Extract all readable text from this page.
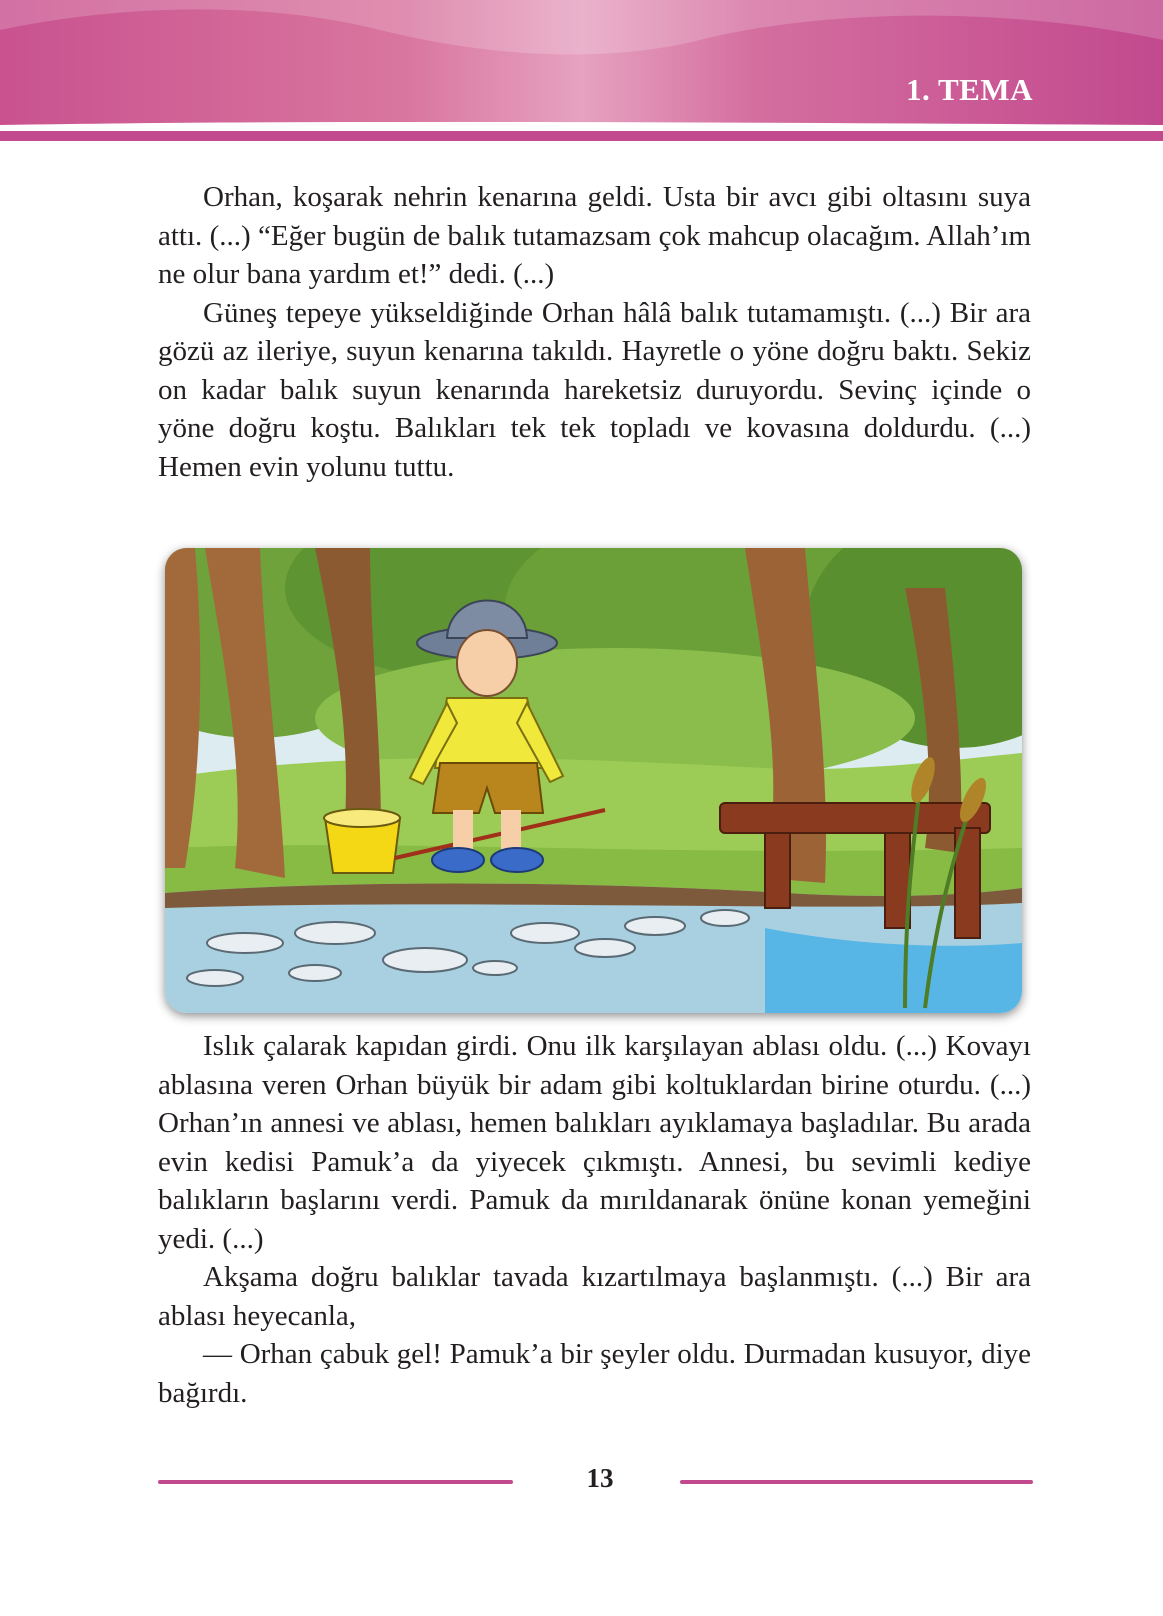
1. TEMA

Orhan, koşarak nehrin kenarına geldi. Usta bir avcı gibi oltasını suya attı. (...) “Eğer bugün de balık tutamazsam çok mahcup olacağım. Allah’ım ne olur bana yardım et!” dedi. (...)

Güneş tepeye yükseldiğinde Orhan hâlâ balık tutamamıştı. (...) Bir ara gözü az ileriye, suyun kenarına takıldı. Hayretle o yöne doğru baktı. Sekiz on kadar balık suyun kenarında hareketsiz duruyordu. Sevinç içinde o yöne doğru koştu. Balıkları tek tek topladı ve kovasına doldurdu. (...) Hemen evin yolunu tuttu.

Islık çalarak kapıdan girdi. Onu ilk karşılayan ablası oldu. (...) Kovayı ablasına veren Orhan büyük bir adam gibi koltuklardan birine oturdu. (...) Orhan’ın annesi ve ablası, hemen balıkları ayıklamaya başladılar. Bu arada evin kedisi Pamuk’a da yiyecek çıkmıştı. Annesi, bu sevimli kediye balıkların başlarını verdi. Pamuk da mırıldanarak önüne konan yemeğini yedi. (...)

Akşama doğru balıklar tavada kızartılmaya başlanmıştı. (...) Bir ara ablası heyecanla,

— Orhan çabuk gel! Pamuk’a bir şeyler oldu. Durmadan kusuyor, diye bağırdı.

13
